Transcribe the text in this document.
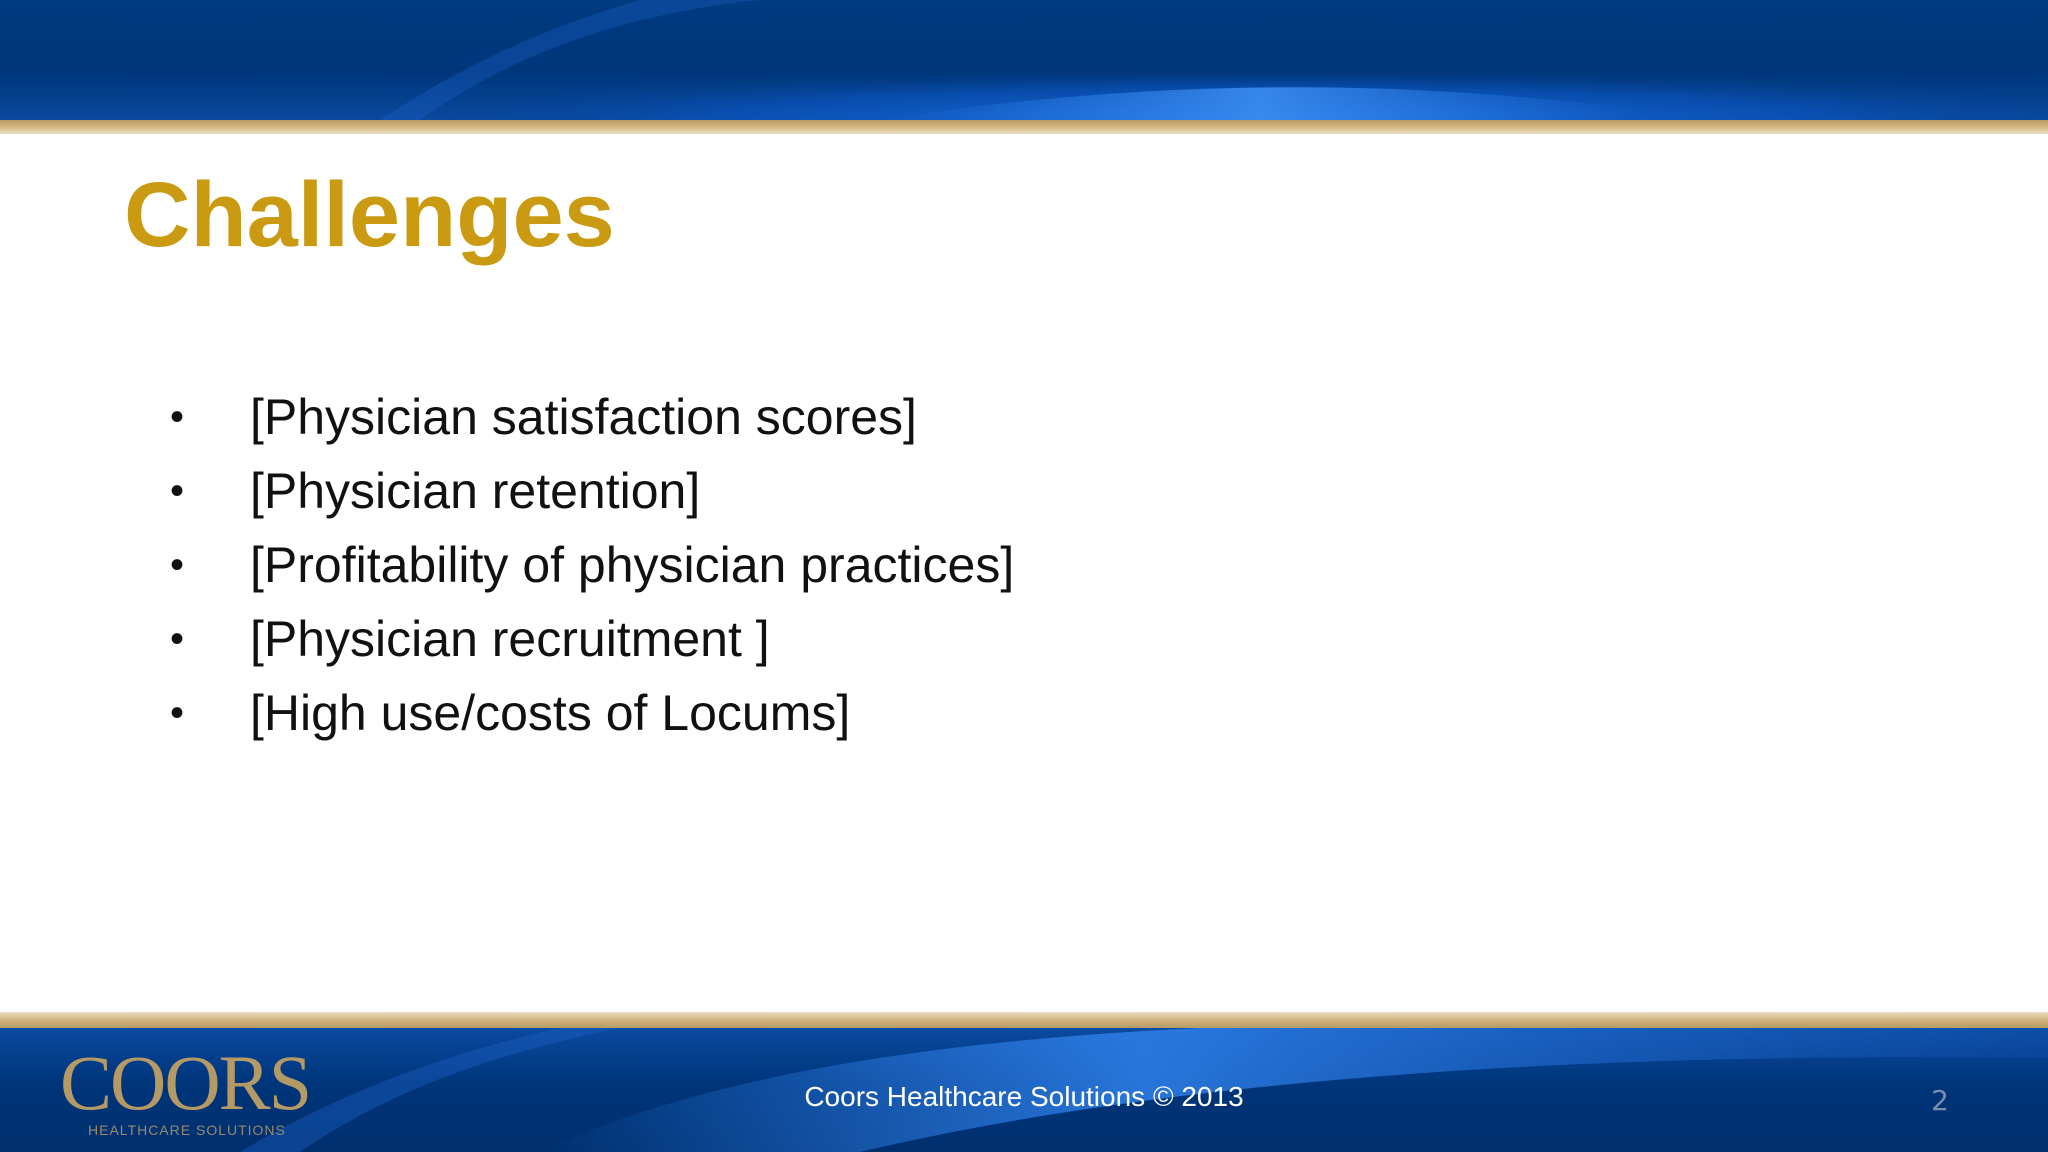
Challenges
•	[Physician satisfaction scores]
•	[Physician retention]
•	[Profitability of physician practices]
•	[Physician recruitment ]
•	[High use/costs of Locums]
COORS
HEALTHCARE SOLUTIONS
Coors Healthcare Solutions © 2013	2
